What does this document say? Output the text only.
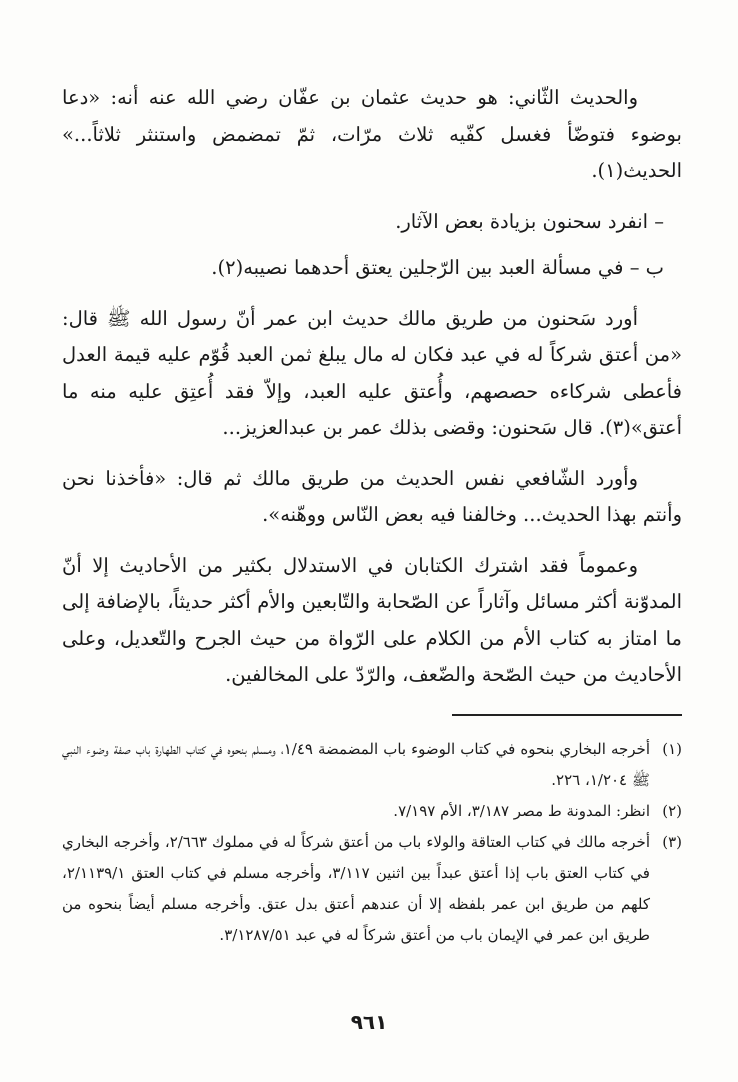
والحديث الثّاني: هو حديث عثمان بن عفّان رضي الله عنه أنه: «دعا بوضوء فتوضّأ فغسل كفّيه ثلاث مرّات، ثمّ تمضمض واستنثر ثلاثاً...» الحديث(١).

– انفرد سحنون بزيادة بعض الآثار.

ب – في مسألة العبد بين الرّجلين يعتق أحدهما نصيبه(٢).

أورد سَحنون من طريق مالك حديث ابن عمر أنّ رسول الله ﷺ قال: «من أعتق شركاً له في عبد فكان له مال يبلغ ثمن العبد قُوّم عليه قيمة العدل فأعطى شركاءه حصصهم، وأُعتق عليه العبد، وإلاّ فقد أُعتِق عليه منه ما أعتق»(٣). قال سَحنون: وقضى بذلك عمر بن عبدالعزيز...

وأورد الشّافعي نفس الحديث من طريق مالك ثم قال: «فأخذنا نحن وأنتم بهذا الحديث... وخالفنا فيه بعض النّاس ووهّنه».

وعموماً فقد اشترك الكتابان في الاستدلال بكثير من الأحاديث إلا أنّ المدوّنة أكثر مسائل وآثاراً عن الصّحابة والتّابعين والأم أكثر حديثاً، بالإضافة إلى ما امتاز به كتاب الأم من الكلام على الرّواة من حيث الجرح والتّعديل، وعلى الأحاديث من حيث الصّحة والضّعف، والرّدّ على المخالفين.

(١)
أخرجه البخاري بنحوه في كتاب الوضوء باب المضمضة ١/٤٩، ومسلم بنحوه في كتاب الطهارة باب صفة وضوء النبي ﷺ ١/٢٠٤، ٢٢٦.
(٢)
انظر: المدونة ط مصر ٣/١٨٧، الأم ٧/١٩٧.
(٣)
أخرجه مالك في كتاب العتاقة والولاء باب من أعتق شركاً له في مملوك ٢/٦٦٣، وأخرجه البخاري في كتاب العتق باب إذا أعتق عبداً بين اثنين ٣/١١٧، وأخرجه مسلم في كتاب العتق ٢/١١٣٩/١، كلهم من طريق ابن عمر بلفظه إلا أن عندهم أعتق بدل عتق. وأخرجه مسلم أيضاً بنحوه من طريق ابن عمر في الإيمان باب من أعتق شركاً له في عبد ٣/١٢٨٧/٥١.
٩٦١
